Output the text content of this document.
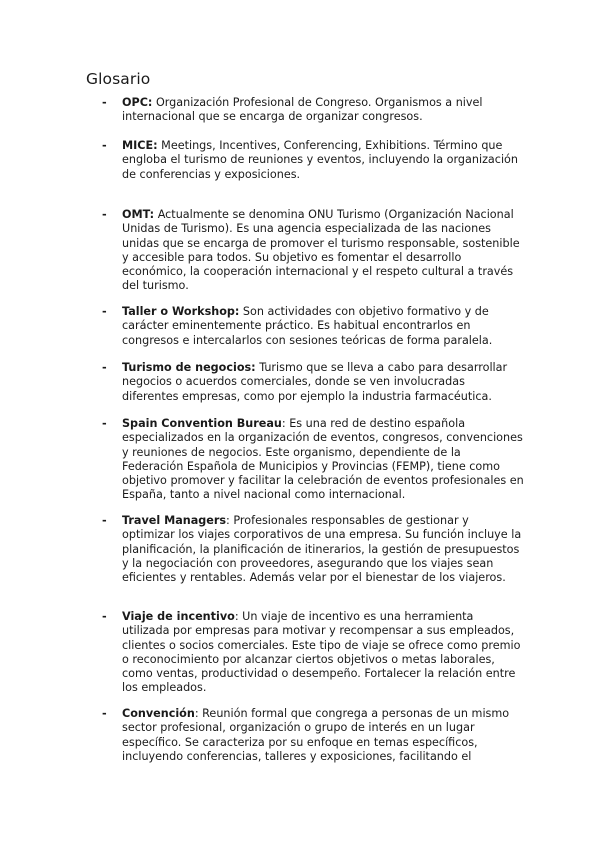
Glosario
- OPC: Organización Profesional de Congreso. Organismos a nivel internacional que se encarga de organizar congresos.
- MICE: Meetings, Incentives, Conferencing, Exhibitions. Término que engloba el turismo de reuniones y eventos, incluyendo la organización de conferencias y exposiciones.
- OMT: Actualmente se denomina ONU Turismo (Organización Nacional Unidas de Turismo). Es una agencia especializada de las naciones unidas que se encarga de promover el turismo responsable, sostenible y accesible para todos. Su objetivo es fomentar el desarrollo económico, la cooperación internacional y el respeto cultural a través del turismo.
- Taller o Workshop: Son actividades con objetivo formativo y de carácter eminentemente práctico. Es habitual encontrarlos en congresos e intercalarlos con sesiones teóricas de forma paralela.
- Turismo de negocios: Turismo que se lleva a cabo para desarrollar negocios o acuerdos comerciales, donde se ven involucradas diferentes empresas, como por ejemplo la industria farmacéutica.
- Spain Convention Bureau: Es una red de destino española especializados en la organización de eventos, congresos, convenciones y reuniones de negocios. Este organismo, dependiente de la Federación Española de Municipios y Provincias (FEMP), tiene como objetivo promover y facilitar la celebración de eventos profesionales en España, tanto a nivel nacional como internacional.
- Travel Managers: Profesionales responsables de gestionar y optimizar los viajes corporativos de una empresa. Su función incluye la planificación, la planificación de itinerarios, la gestión de presupuestos y la negociación con proveedores, asegurando que los viajes sean eficientes y rentables. Además velar por el bienestar de los viajeros.
- Viaje de incentivo: Un viaje de incentivo es una herramienta utilizada por empresas para motivar y recompensar a sus empleados, clientes o socios comerciales. Este tipo de viaje se ofrece como premio o reconocimiento por alcanzar ciertos objetivos o metas laborales, como ventas, productividad o desempeño. Fortalecer la relación entre los empleados.
- Convención: Reunión formal que congrega a personas de un mismo sector profesional, organización o grupo de interés en un lugar específico. Se caracteriza por su enfoque en temas específicos, incluyendo conferencias, talleres y exposiciones, facilitando el
